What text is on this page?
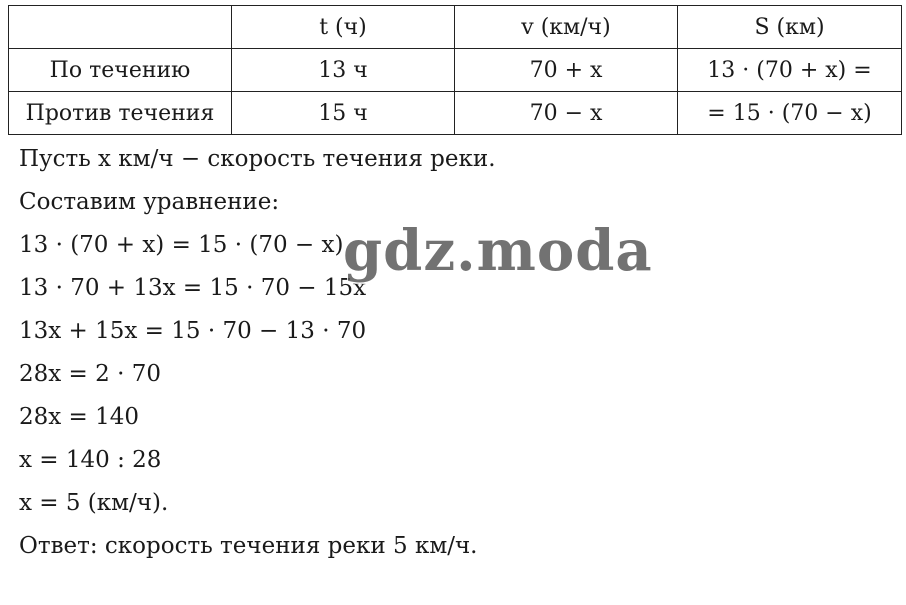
	t (ч)	v (км/ч)	S (км)
По течению	13 ч	70 + x	13 · (70 + x) =
Против течения	15 ч	70 − x	= 15 · (70 − x)
Пусть x км/ч − скорость течения реки.
Составим уравнение:
13 · (70 + x) = 15 · (70 − x)
13 · 70 + 13x = 15 · 70 − 15x
13x + 15x = 15 · 70 − 13 · 70
28x = 2 · 70
28x = 140
x = 140 : 28
x = 5 (км/ч).
Ответ: скорость течения реки 5 км/ч.
gdz.moda
